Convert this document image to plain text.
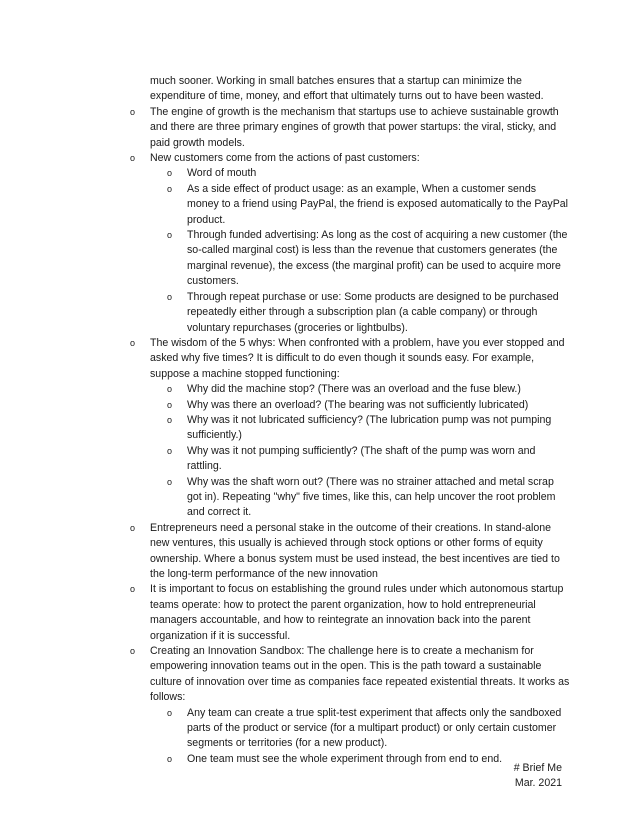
much sooner. Working in small batches ensures that a startup can minimize the expenditure of time, money, and effort that ultimately turns out to have been wasted.
o The engine of growth is the mechanism that startups use to achieve sustainable growth and there are three primary engines of growth that power startups: the viral, sticky, and paid growth models.
o New customers come from the actions of past customers:
o Word of mouth
o As a side effect of product usage: as an example, When a customer sends money to a friend using PayPal, the friend is exposed automatically to the PayPal product.
o Through funded advertising: As long as the cost of acquiring a new customer (the so-called marginal cost) is less than the revenue that customers generates (the marginal revenue), the excess (the marginal profit) can be used to acquire more customers.
o Through repeat purchase or use: Some products are designed to be purchased repeatedly either through a subscription plan (a cable company) or through voluntary repurchases (groceries or lightbulbs).
o The wisdom of the 5 whys: When confronted with a problem, have you ever stopped and asked why five times? It is difficult to do even though it sounds easy. For example, suppose a machine stopped functioning:
o Why did the machine stop? (There was an overload and the fuse blew.)
o Why was there an overload? (The bearing was not sufficiently lubricated)
o Why was it not lubricated sufficiency? (The lubrication pump was not pumping sufficiently.)
o Why was it not pumping sufficiently? (The shaft of the pump was worn and rattling.
o Why was the shaft worn out? (There was no strainer attached and metal scrap got in). Repeating "why" five times, like this, can help uncover the root problem and correct it.
o Entrepreneurs need a personal stake in the outcome of their creations. In stand-alone new ventures, this usually is achieved through stock options or other forms of equity ownership. Where a bonus system must be used instead, the best incentives are tied to the long-term performance of the new innovation
o It is important to focus on establishing the ground rules under which autonomous startup teams operate: how to protect the parent organization, how to hold entrepreneurial managers accountable, and how to reintegrate an innovation back into the parent organization if it is successful.
o Creating an Innovation Sandbox: The challenge here is to create a mechanism for empowering innovation teams out in the open. This is the path toward a sustainable culture of innovation over time as companies face repeated existential threats. It works as follows:
o Any team can create a true split-test experiment that affects only the sandboxed parts of the product or service (for a multipart product) or only certain customer segments or territories (for a new product).
o One team must see the whole experiment through from end to end.
# Brief Me
Mar. 2021
